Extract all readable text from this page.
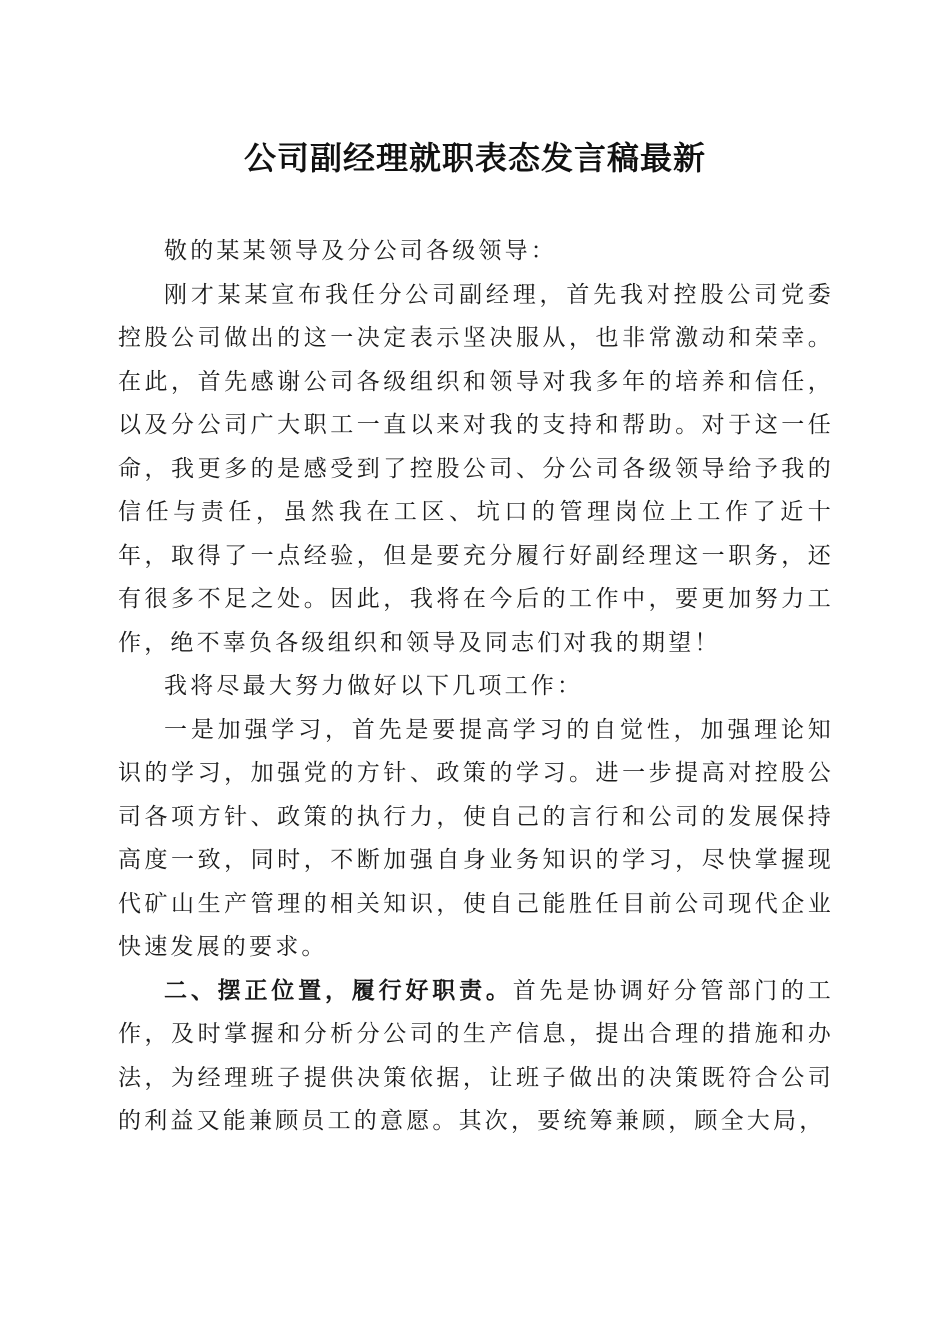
公司副经理就职表态发言稿最新

敬的某某领导及分公司各级领导：

刚才某某宣布我任分公司副经理，首先我对控股公司党委控股公司做出的这一决定表示坚决服从，也非常激动和荣幸。在此，首先感谢公司各级组织和领导对我多年的培养和信任，以及分公司广大职工一直以来对我的支持和帮助。对于这一任命，我更多的是感受到了控股公司、分公司各级领导给予我的信任与责任，虽然我在工区、坑口的管理岗位上工作了近十年，取得了一点经验，但是要充分履行好副经理这一职务，还有很多不足之处。因此，我将在今后的工作中，要更加努力工作，绝不辜负各级组织和领导及同志们对我的期望！

我将尽最大努力做好以下几项工作：

一是加强学习，首先是要提高学习的自觉性，加强理论知识的学习，加强党的方针、政策的学习。进一步提高对控股公司各项方针、政策的执行力，使自己的言行和公司的发展保持高度一致，同时，不断加强自身业务知识的学习，尽快掌握现代矿山生产管理的相关知识，使自己能胜任目前公司现代企业快速发展的要求。

二、摆正位置，履行好职责。首先是协调好分管部门的工作，及时掌握和分析分公司的生产信息，提出合理的措施和办法，为经理班子提供决策依据，让班子做出的决策既符合公司的利益又能兼顾员工的意愿。其次，要统筹兼顾，顾全大局，
